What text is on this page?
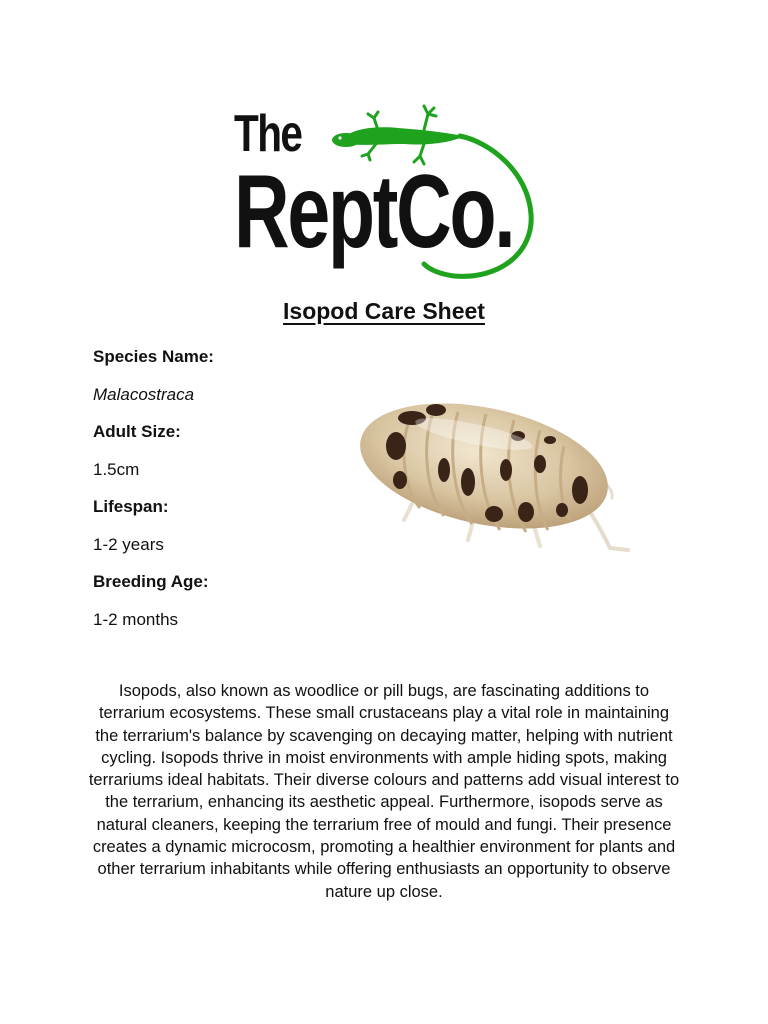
The
ReptCo.
Isopod Care Sheet
Species Name:
Malacostraca
Adult Size:
1.5cm
Lifespan:
1-2 years
Breeding Age:
1-2 months
Isopods, also known as woodlice or pill bugs, are fascinating additions to terrarium ecosystems. These small crustaceans play a vital role in maintaining the terrarium's balance by scavenging on decaying matter, helping with nutrient cycling. Isopods thrive in moist environments with ample hiding spots, making terrariums ideal habitats. Their diverse colours and patterns add visual interest to the terrarium, enhancing its aesthetic appeal. Furthermore, isopods serve as natural cleaners, keeping the terrarium free of mould and fungi. Their presence creates a dynamic microcosm, promoting a healthier environment for plants and other terrarium inhabitants while offering enthusiasts an opportunity to observe nature up close.
